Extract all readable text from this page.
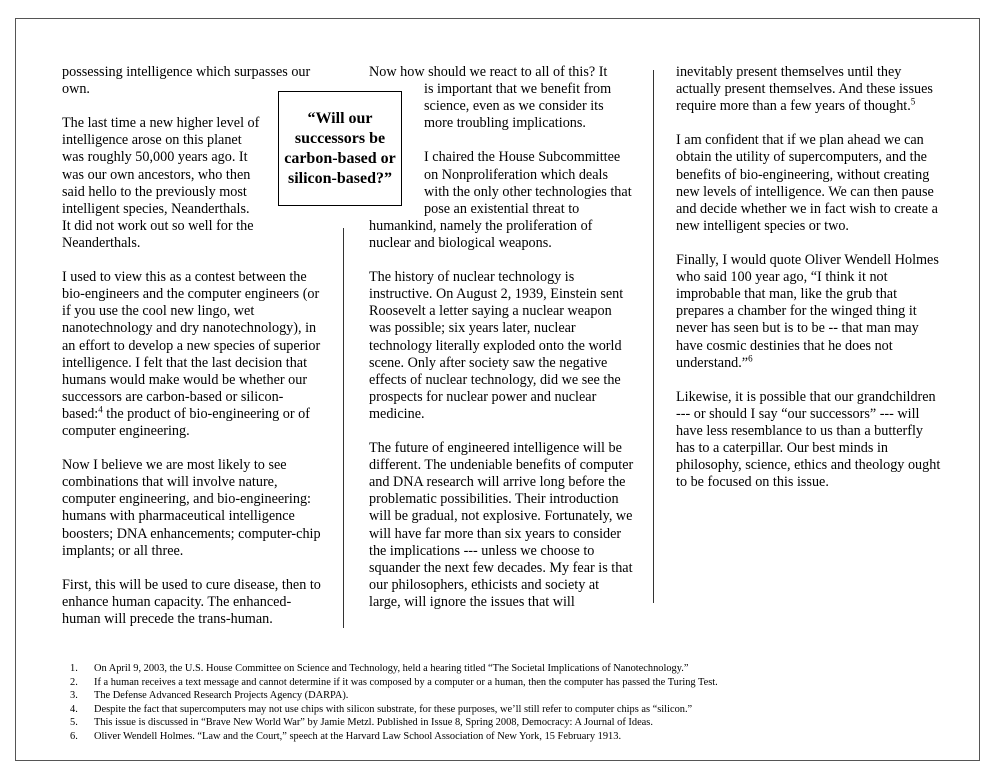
possessing intelligence which surpasses our own.

The last time a new higher level of intelligence arose on this planet was roughly 50,000 years ago. It was our own ancestors, who then said hello to the previously most intelligent species, Neanderthals.
It did not work out so well for the Neanderthals.

I used to view this as a contest between the bio-engineers and the computer engineers (or if you use the cool new lingo, wet nanotechnology and dry nanotechnology), in an effort to develop a new species of superior intelligence. I felt that the last decision that humans would make would be whether our successors are carbon-based or silicon-based:$^4$ the product of bio-engineering or of computer engineering.

Now I believe we are most likely to see combinations that will involve nature, computer engineering, and bio-engineering: humans with pharmaceutical intelligence boosters; DNA enhancements; computer-chip implants; or all three.

First, this will be used to cure disease, then to enhance human capacity. The enhanced-human will precede the trans-human.

“Will our successors be carbon-based or silicon-based?”

Now how should we react to all of this? It
is important that we benefit from science, even as we consider its more troubling implications.

I chaired the House Subcommittee on Nonproliferation which deals with the only other technologies that pose an existential threat to
humankind, namely the proliferation of nuclear and biological weapons.

The history of nuclear technology is instructive. On August 2, 1939, Einstein sent Roosevelt a letter saying a nuclear weapon was possible; six years later, nuclear technology literally exploded onto the world scene. Only after society saw the negative effects of nuclear technology, did we see the prospects for nuclear power and nuclear medicine.

The future of engineered intelligence will be different. The undeniable benefits of computer and DNA research will arrive long before the problematic possibilities. Their introduction will be gradual, not explosive. Fortunately, we will have far more than six years to consider the implications --- unless we choose to squander the next few decades. My fear is that our philosophers, ethicists and society at large, will ignore the issues that will

inevitably present themselves until they actually present themselves. And these issues require more than a few years of thought.$^5$

I am confident that if we plan ahead we can obtain the utility of supercomputers, and the benefits of bio-engineering, without creating new levels of intelligence. We can then pause and decide whether we in fact wish to create a new intelligent species or two.

Finally, I would quote Oliver Wendell Holmes who said 100 year ago, “I think it not improbable that man, like the grub that prepares a chamber for the winged thing it never has seen but is to be -- that man may have cosmic destinies that he does not understand.”$^6$

Likewise, it is possible that our grandchildren --- or should I say “our successors” --- will have less resemblance to us than a butterfly has to a caterpillar. Our best minds in philosophy, science, ethics and theology ought to be focused on this issue.

1. On April 9, 2003, the U.S. House Committee on Science and Technology, held a hearing titled “The Societal Implications of Nanotechnology.”
2. If a human receives a text message and cannot determine if it was composed by a computer or a human, then the computer has passed the Turing Test.
3. The Defense Advanced Research Projects Agency (DARPA).
4. Despite the fact that supercomputers may not use chips with silicon substrate, for these purposes, we’ll still refer to computer chips as “silicon.”
5. This issue is discussed in “Brave New World War” by Jamie Metzl. Published in Issue 8, Spring 2008, Democracy: A Journal of Ideas.
6. Oliver Wendell Holmes. “Law and the Court,” speech at the Harvard Law School Association of New York, 15 February 1913.
